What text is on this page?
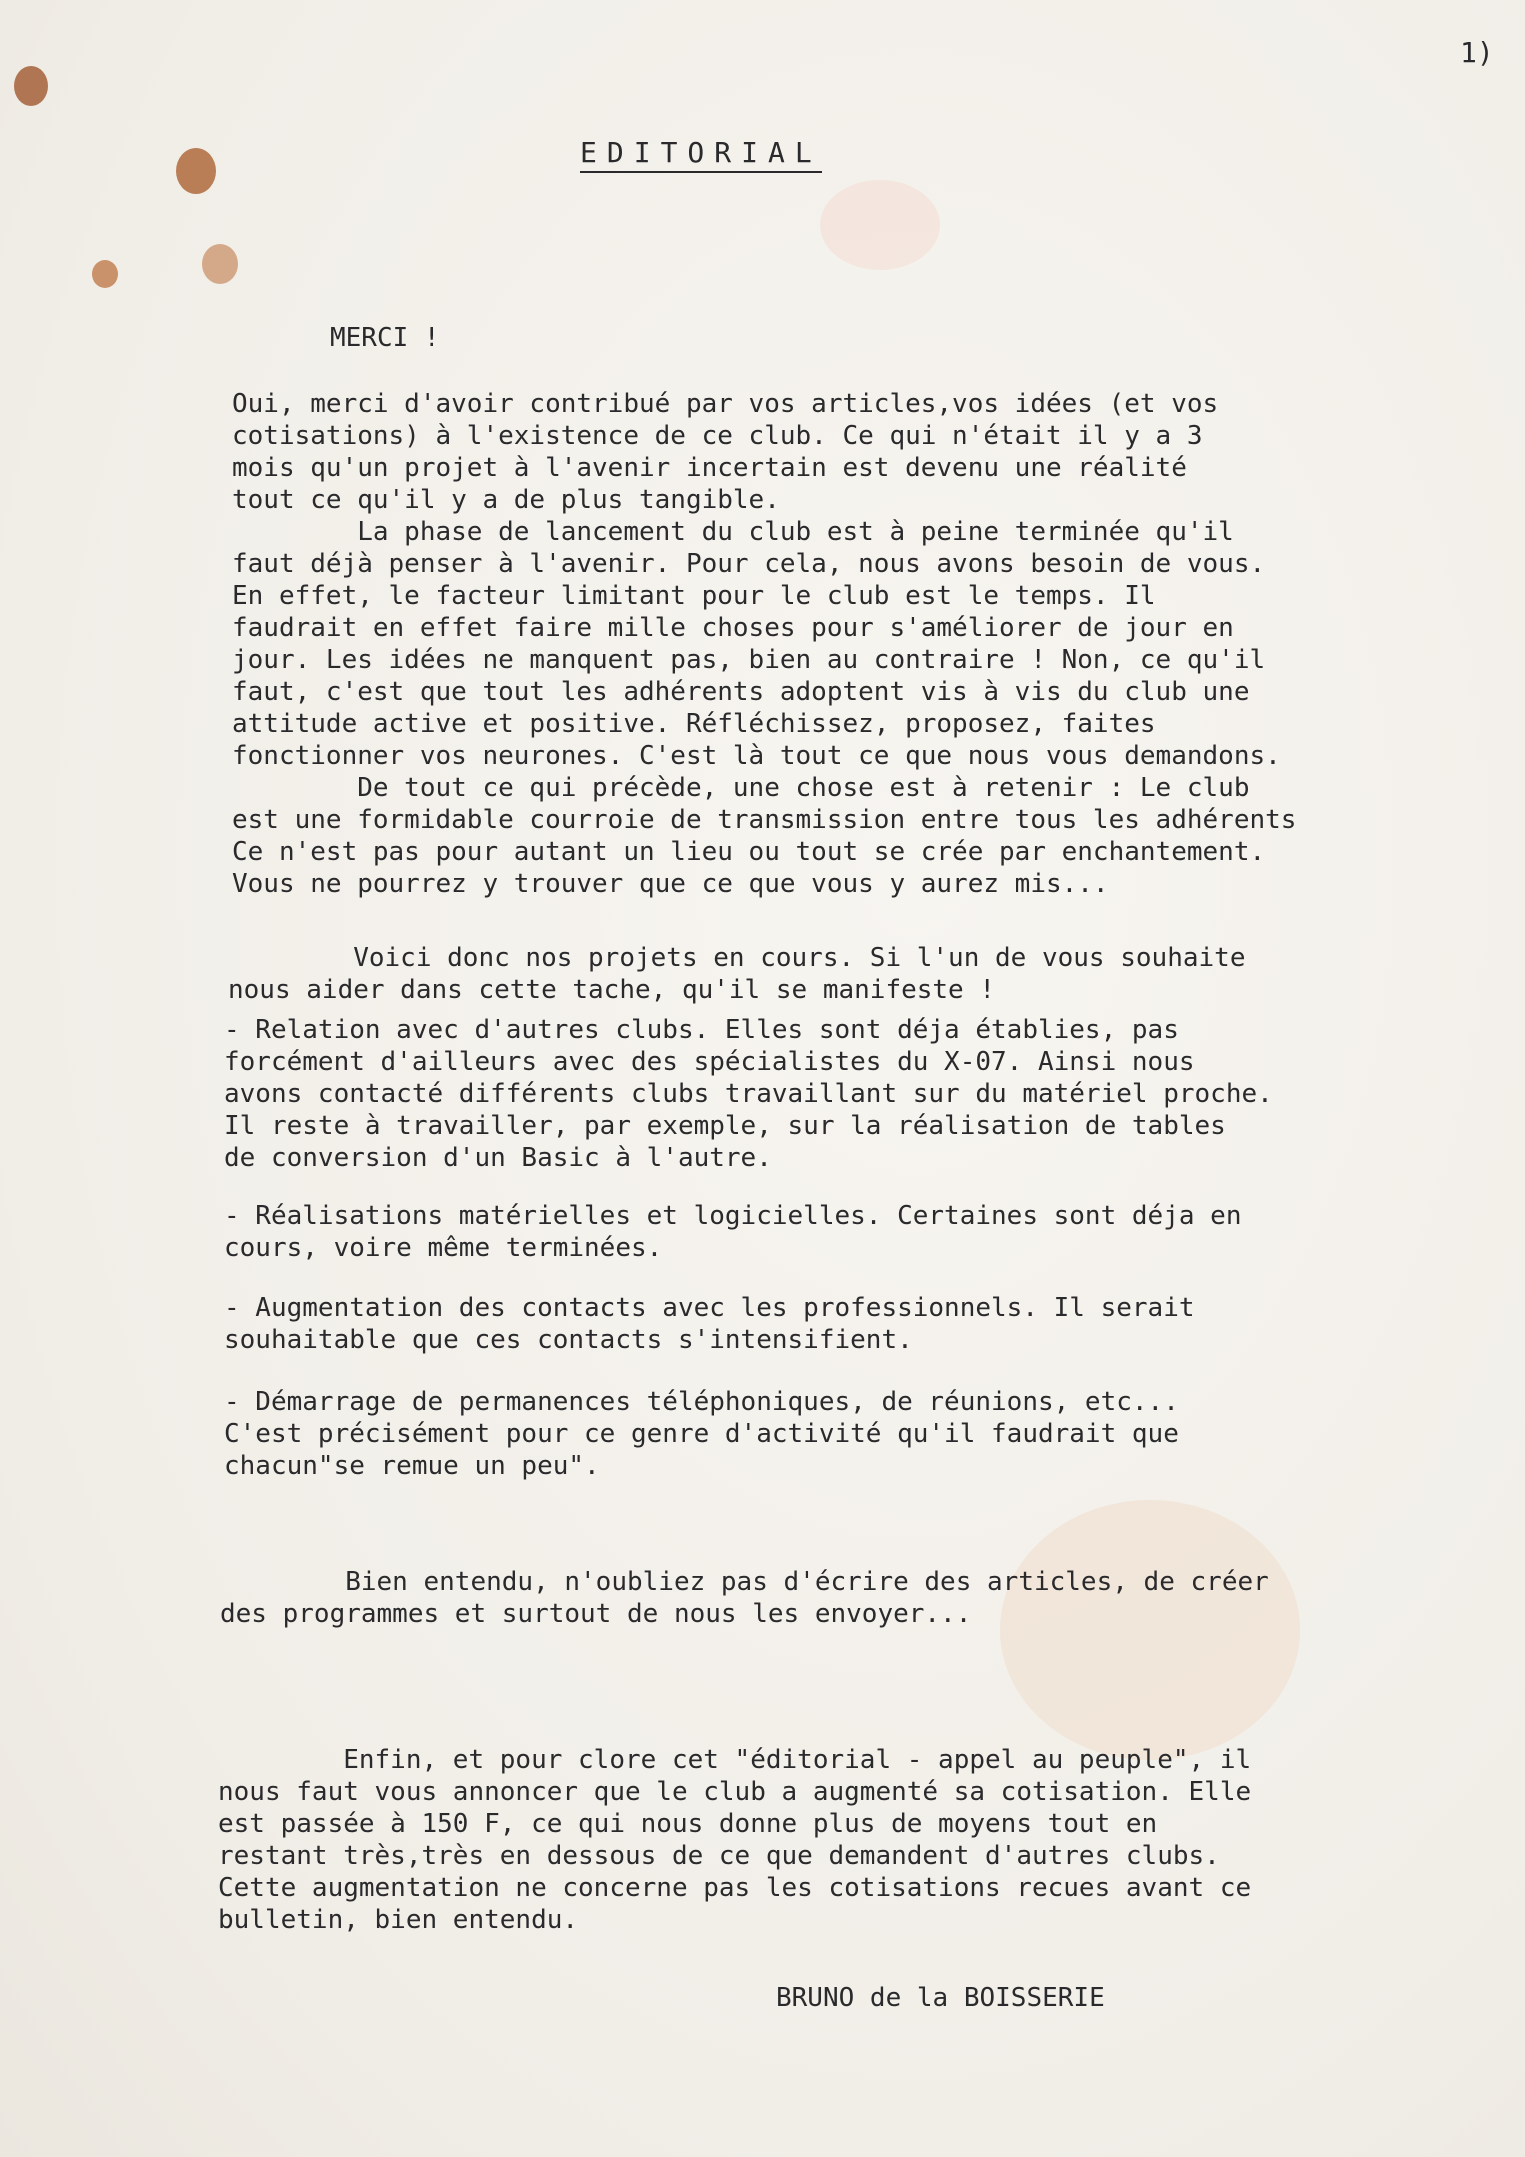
1)
EDITORIAL
MERCI !
Oui, merci d'avoir contribué par vos articles,vos idées (et vos
cotisations) à l'existence de ce club. Ce qui n'était il y a 3
mois qu'un projet à l'avenir incertain est devenu une réalité
tout ce qu'il y a de plus tangible.
La phase de lancement du club est à peine terminée qu'il
faut déjà penser à l'avenir. Pour cela, nous avons besoin de vous.
En effet, le facteur limitant pour le club est le temps. Il
faudrait en effet faire mille choses pour s'améliorer de jour en
jour. Les idées ne manquent pas, bien au contraire ! Non, ce qu'il
faut, c'est que tout les adhérents adoptent vis à vis du club une
attitude active et positive. Réfléchissez, proposez, faites
fonctionner vos neurones. C'est là tout ce que nous vous demandons.
De tout ce qui précède, une chose est à retenir : Le club
est une formidable courroie de transmission entre tous les adhérents
Ce n'est pas pour autant un lieu ou tout se crée par enchantement.
Vous ne pourrez y trouver que ce que vous y aurez mis...
Voici donc nos projets en cours. Si l'un de vous souhaite
nous aider dans cette tache, qu'il se manifeste !
- Relation avec d'autres clubs. Elles sont déja établies, pas
forcément d'ailleurs avec des spécialistes du X-07. Ainsi nous
avons contacté différents clubs travaillant sur du matériel proche.
Il reste à travailler, par exemple, sur la réalisation de tables
de conversion d'un Basic à l'autre.
- Réalisations matérielles et logicielles. Certaines sont déja en
cours, voire même terminées.
- Augmentation des contacts avec les professionnels. Il serait
souhaitable que ces contacts s'intensifient.
- Démarrage de permanences téléphoniques, de réunions, etc...
C'est précisément pour ce genre d'activité qu'il faudrait que
chacun"se remue un peu".
Bien entendu, n'oubliez pas d'écrire des articles, de créer
des programmes et surtout de nous les envoyer...
Enfin, et pour clore cet "éditorial - appel au peuple", il
nous faut vous annoncer que le club a augmenté sa cotisation. Elle
est passée à 150 F, ce qui nous donne plus de moyens tout en
restant très,très en dessous de ce que demandent d'autres clubs.
Cette augmentation ne concerne pas les cotisations recues avant ce
bulletin, bien entendu.
BRUNO de la BOISSERIE
